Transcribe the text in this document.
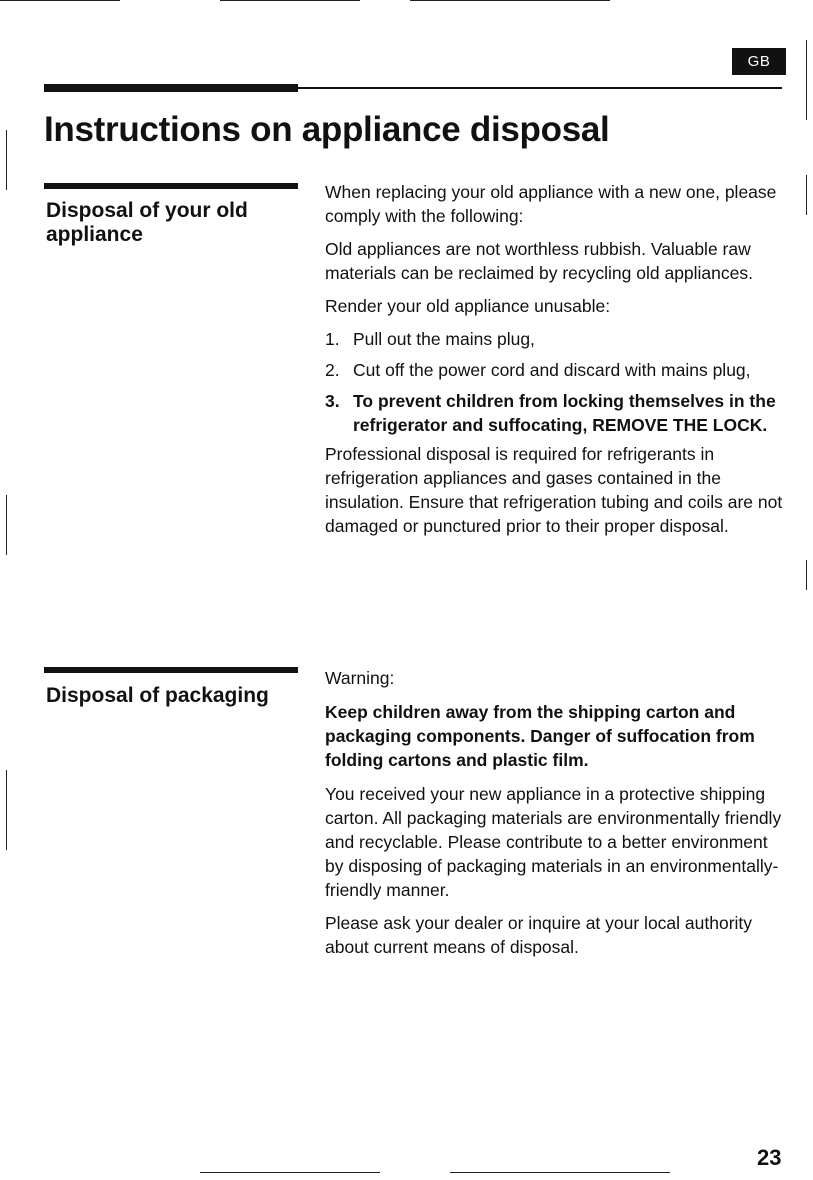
GB
Instructions on appliance disposal
Disposal of your old appliance

When replacing your old appliance with a new one, please comply with the following:

Old appliances are not worthless rubbish. Valuable raw materials can be reclaimed by recycling old appliances.

Render your old appliance unusable:

1. Pull out the mains plug,
2. Cut off the power cord and discard with mains plug,
3. To prevent children from locking themselves in the refrigerator and suffocating, REMOVE THE LOCK.

Professional disposal is required for refrigerants in refrigeration appliances and gases contained in the insulation. Ensure that refrigeration tubing and coils are not damaged or punctured prior to their proper disposal.

Disposal of packaging

Warning:

Keep children away from the shipping carton and packaging components. Danger of suffocation from folding cartons and plastic film.

You received your new appliance in a protective shipping carton. All packaging materials are environmentally friendly and recyclable. Please contribute to a better environment by disposing of packaging materials in an environmentally-friendly manner.

Please ask your dealer or inquire at your local authority about current means of disposal.

23
